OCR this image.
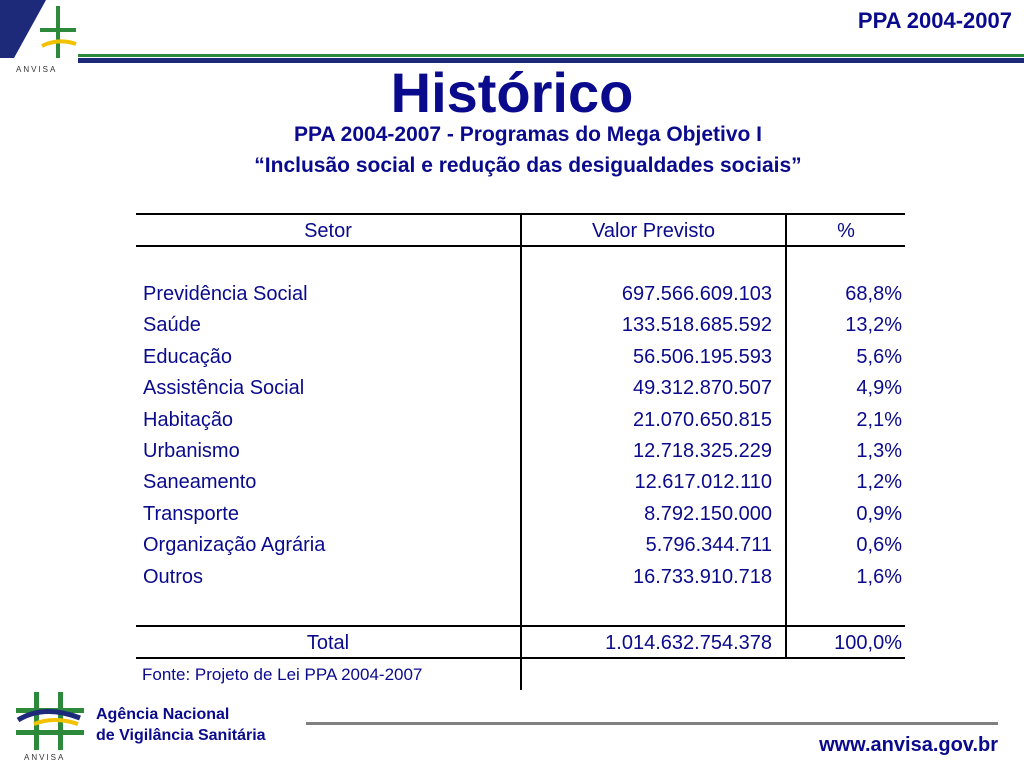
ANVISA
PPA 2004-2007
Histórico
PPA 2004-2007 - Programas do Mega Objetivo I
“Inclusão social e redução das desigualdades sociais”
Setor	Valor Previsto	%
Previdência Social	697.566.609.103	68,8%
Saúde	133.518.685.592	13,2%
Educação	56.506.195.593	5,6%
Assistência Social	49.312.870.507	4,9%
Habitação	21.070.650.815	2,1%
Urbanismo	12.718.325.229	1,3%
Saneamento	12.617.012.110	1,2%
Transporte	8.792.150.000	0,9%
Organização Agrária	5.796.344.711	0,6%
Outros	16.733.910.718	1,6%
Total	1.014.632.754.378	100,0%
Fonte: Projeto de Lei PPA 2004-2007
ANVISA
Agência Nacional
de Vigilância Sanitária	www.anvisa.gov.br
